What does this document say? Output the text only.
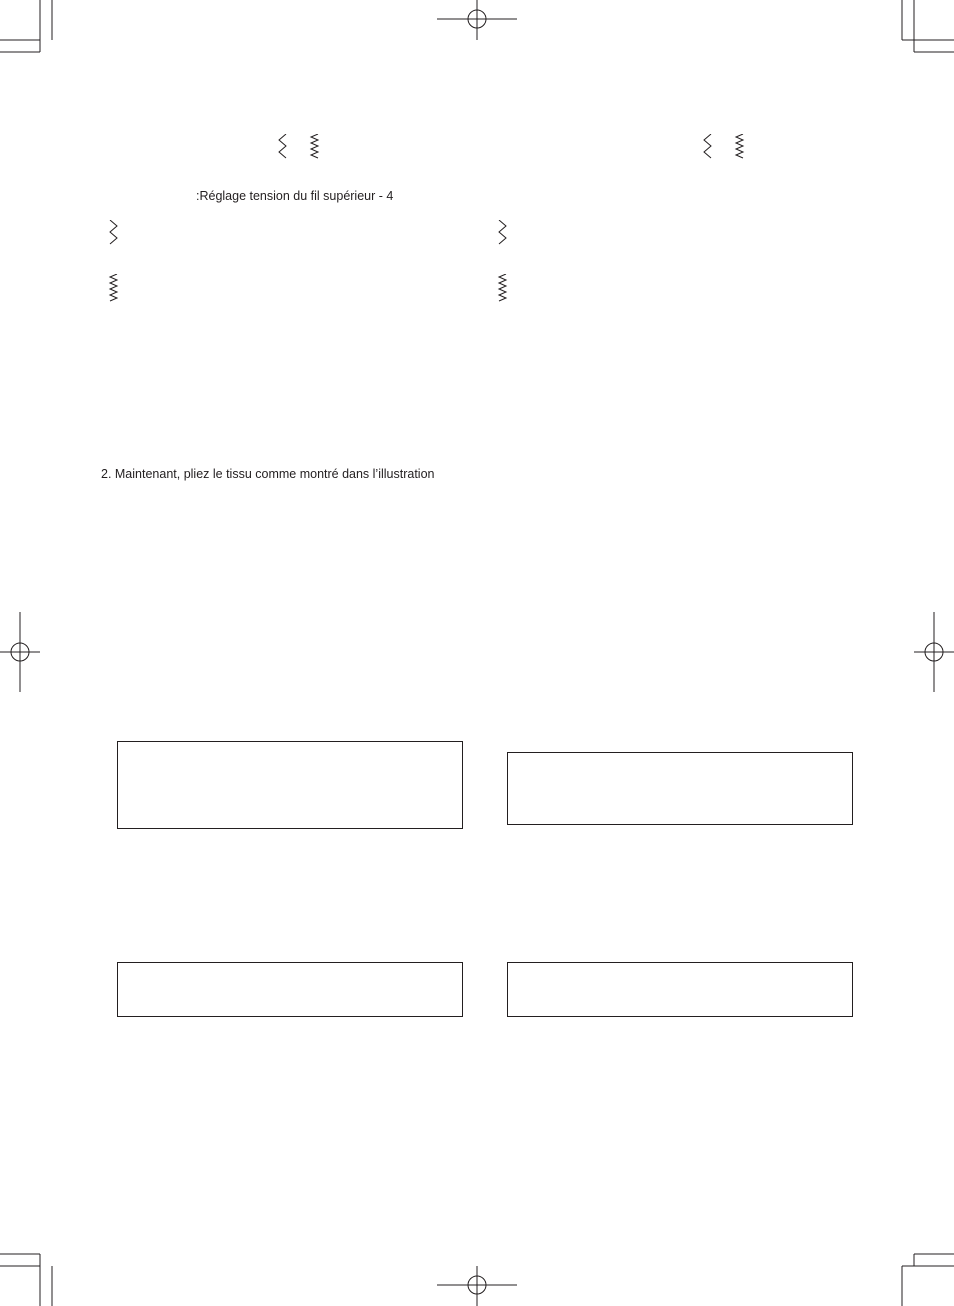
:Réglage tension du fil supérieur - 4
2. Maintenant, pliez le tissu comme montré dans l’illustration
